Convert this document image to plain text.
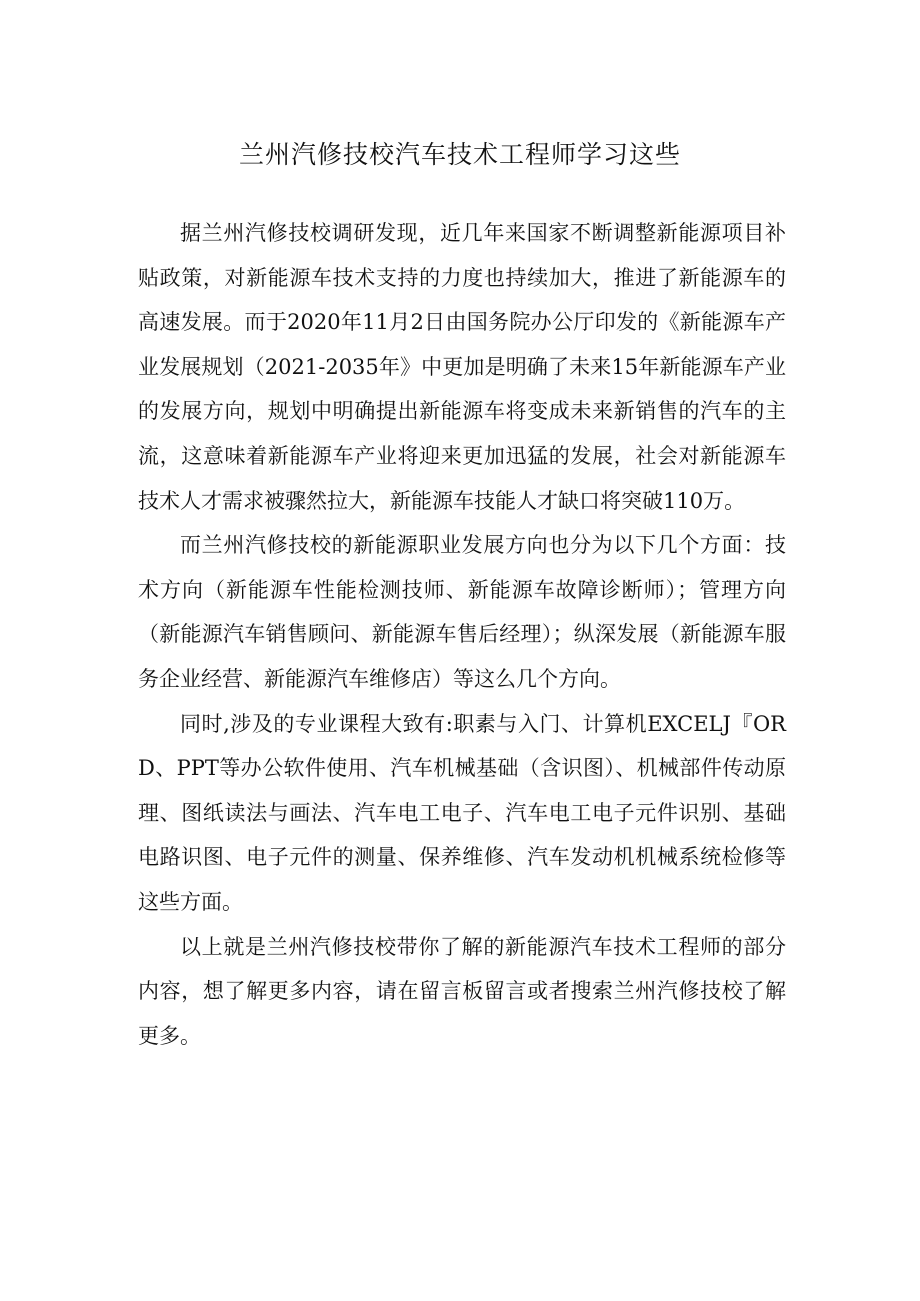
兰州汽修技校汽车技术工程师学习这些

据兰州汽修技校调研发现，近几年来国家不断调整新能源项目补贴政策，对新能源车技术支持的力度也持续加大，推进了新能源车的高速发展。而于2020年11月2日由国务院办公厅印发的《新能源车产业发展规划（2021-2035年》中更加是明确了未来15年新能源车产业的发展方向，规划中明确提出新能源车将变成未来新销售的汽车的主流，这意味着新能源车产业将迎来更加迅猛的发展，社会对新能源车技术人才需求被骤然拉大，新能源车技能人才缺口将突破110万。

而兰州汽修技校的新能源职业发展方向也分为以下几个方面：技术方向（新能源车性能检测技师、新能源车故障诊断师）；管理方向（新能源汽车销售顾问、新能源车售后经理）；纵深发展（新能源车服务企业经营、新能源汽车维修店）等这么几个方向。

同时,涉及的专业课程大致有:职素与入门、计算机EXCELJ『ORD、PPT等办公软件使用、汽车机械基础（含识图）、机械部件传动原理、图纸读法与画法、汽车电工电子、汽车电工电子元件识别、基础电路识图、电子元件的测量、保养维修、汽车发动机机械系统检修等这些方面。

以上就是兰州汽修技校带你了解的新能源汽车技术工程师的部分内容，想了解更多内容，请在留言板留言或者搜索兰州汽修技校了解更多。
